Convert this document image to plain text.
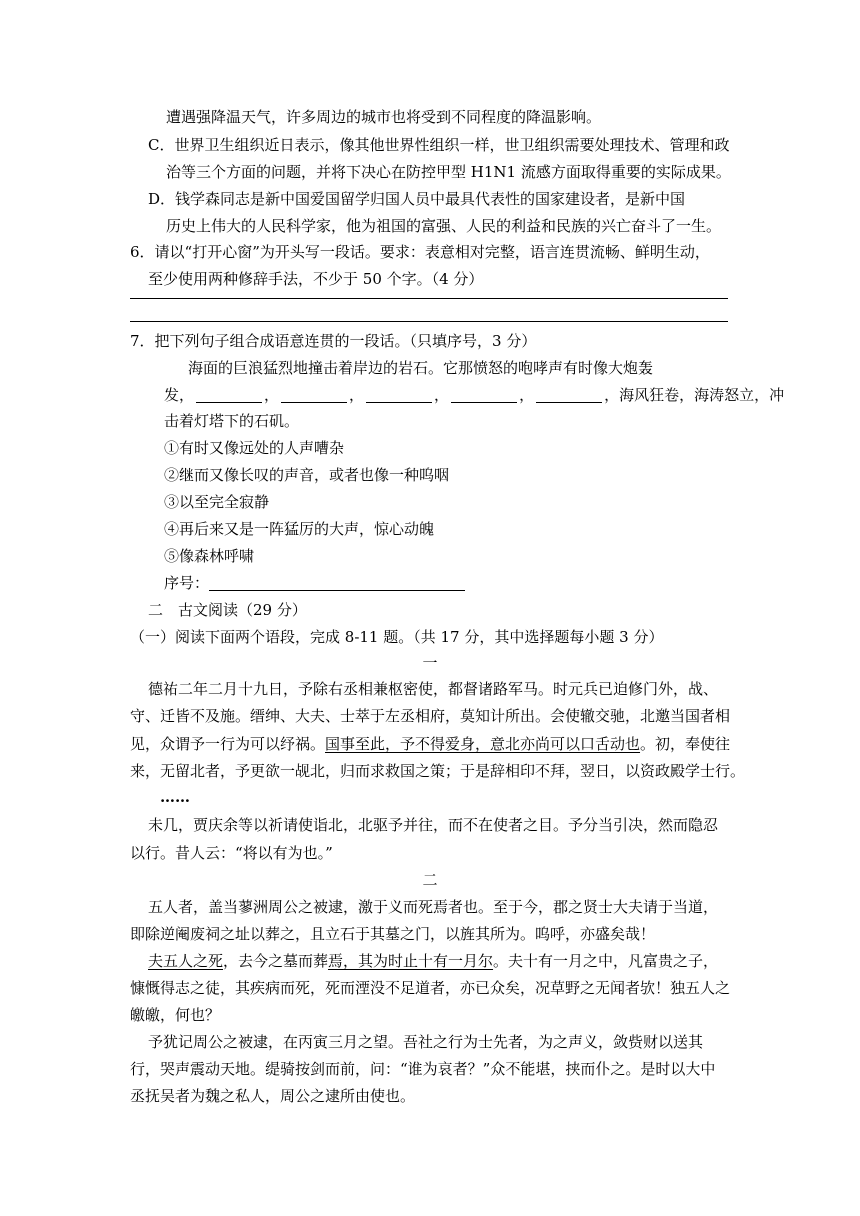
遭遇强降温天气，许多周边的城市也将受到不同程度的降温影响。
C．世界卫生组织近日表示，像其他世界性组织一样，世卫组织需要处理技术、管理和政
治等三个方面的问题，并将下决心在防控甲型 H1N1 流感方面取得重要的实际成果。
D．钱学森同志是新中国爱国留学归国人员中最具代表性的国家建设者，是新中国
历史上伟大的人民科学家，他为祖国的富强、人民的利益和民族的兴亡奋斗了一生。
6．请以“打开心窗”为开头写一段话。要求：表意相对完整，语言连贯流畅、鲜明生动，
至少使用两种修辞手法，不少于 50 个字。（4 分）
7．把下列句子组合成语意连贯的一段话。（只填序号，3 分）
海面的巨浪猛烈地撞击着岸边的岩石。它那愤怒的咆哮声有时像大炮轰
发，	，	，	，	，	，海风狂卷，海涛怒立，冲
击着灯塔下的石矶。
①有时又像远处的人声嘈杂
②继而又像长叹的声音，或者也像一种呜咽
③以至完全寂静
④再后来又是一阵猛厉的大声，惊心动魄
⑤像森林呼啸
序号：
二　古文阅读（29 分）
（一）阅读下面两个语段，完成 8-11 题。（共 17 分，其中选择题每小题 3 分）
一
德祐二年二月十九日，予除右丞相兼枢密使，都督诸路军马。时元兵已迫修门外，战、
守、迁皆不及施。缙绅、大夫、士萃于左丞相府，莫知计所出。会使辙交驰，北邀当国者相
见，众谓予一行为可以纾祸。国事至此，予不得爱身，意北亦尚可以口舌动也。初，奉使往
来，无留北者，予更欲一觇北，归而求救国之策；于是辞相印不拜，翌日，以资政殿学士行。
……
未几，贾庆余等以祈请使诣北，北驱予并往，而不在使者之目。予分当引决，然而隐忍
以行。昔人云：“将以有为也。”
二
五人者，盖当蓼洲周公之被逮，激于义而死焉者也。至于今，郡之贤士大夫请于当道，
即除逆阉废祠之址以葬之，且立石于其墓之门，以旌其所为。呜呼，亦盛矣哉！
夫五人之死，去今之墓而葬焉，其为时止十有一月尔。夫十有一月之中，凡富贵之子，
慷慨得志之徒，其疾病而死，死而湮没不足道者，亦已众矣，况草野之无闻者欤！独五人之
皦皦，何也？
予犹记周公之被逮，在丙寅三月之望。吾社之行为士先者，为之声义，敛赀财以送其
行，哭声震动天地。缇骑按剑而前，问：“谁为哀者？”众不能堪，挟而仆之。是时以大中
丞抚吴者为魏之私人，周公之逮所由使也。
